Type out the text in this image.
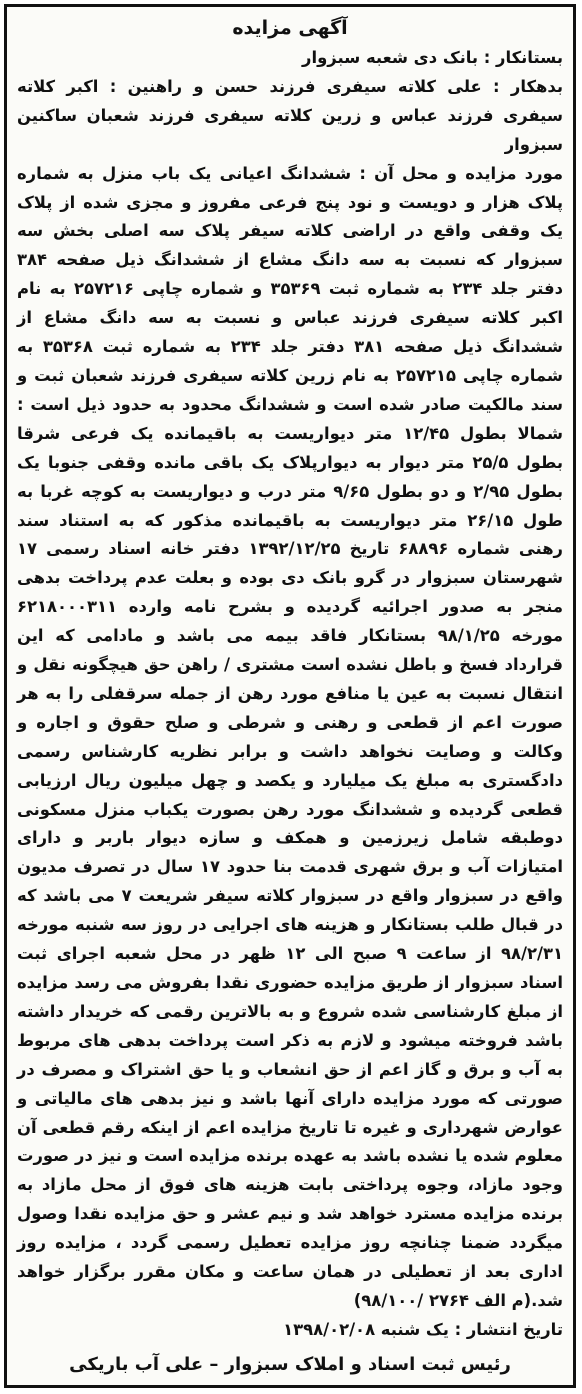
آگهی مزایده
بستانکار : بانک دی شعبه سبزوار
بدهکار : علی کلاته سیفری فرزند حسن و راهنین : اکبر کلاته سیفری فرزند عباس و زرین کلاته سیفری فرزند شعبان ساکنین سبزوار
مورد مزایده و محل آن : ششدانگ اعیانی یک باب منزل به شماره پلاک هزار و دویست و نود پنج فرعی مفروز و مجزی شده از پلاک یک وقفی واقع در اراضی کلاته سیفر پلاک سه اصلی بخش سه سبزوار که نسبت به سه دانگ مشاع از ششدانگ ذیل صفحه ۳۸۴ دفتر جلد ۲۳۴ به شماره ثبت ۳۵۳۶۹ و شماره چاپی ۲۵۷۲۱۶ به نام اکبر کلاته سیفری فرزند عباس و نسبت به سه دانگ مشاع از ششدانگ ذیل صفحه ۳۸۱ دفتر جلد ۲۳۴ به شماره ثبت ۳۵۳۶۸ به شماره چاپی ۲۵۷۲۱۵ به نام زرین کلاته سیفری فرزند شعبان ثبت و سند مالکیت صادر شده است و ششدانگ محدود به حدود ذیل است : شمالا بطول ۱۲/۴۵ متر دیواریست به باقیمانده یک فرعی شرقا بطول ۲۵/۵ متر دیوار به دیوارپلاک یک باقی مانده وقفی جنوبا یک بطول ۲/۹۵ و دو بطول ۹/۶۵ متر درب و دیواریست به کوچه غربا به طول ۲۶/۱۵ متر دیواریست به باقیمانده مذکور که به استناد سند رهنی شماره ۶۸۸۹۶ تاریخ ۱۳۹۲/۱۲/۲۵ دفتر خانه اسناد رسمی ۱۷ شهرستان سبزوار در گرو بانک دی بوده و بعلت عدم پرداخت بدهی منجر به صدور اجرائیه گردیده و بشرح نامه وارده ۶۲۱۸۰۰۰۳۱۱ مورخه ۹۸/۱/۲۵ بستانکار فاقد بیمه می باشد و مادامی که این قرارداد فسخ و باطل نشده است مشتری / راهن حق هیچگونه نقل و انتقال نسبت به عین یا منافع مورد رهن از جمله سرقفلی را به هر صورت اعم از قطعی و رهنی و شرطی و صلح حقوق و اجاره و وکالت و وصایت نخواهد داشت و برابر نظریه کارشناس رسمی دادگستری به مبلغ یک میلیارد و یکصد و چهل میلیون ریال ارزیابی قطعی گردیده و ششدانگ مورد رهن بصورت یکباب منزل مسکونی دوطبقه شامل زیرزمین و همکف و سازه دیوار باربر و دارای امتیازات آب و برق شهری قدمت بنا حدود ۱۷ سال در تصرف مدیون واقع در سبزوار واقع در سبزوار کلاته سیفر شریعت ۷ می باشد که در قبال طلب بستانکار و هزینه های اجرایی در روز سه شنبه مورخه ۹۸/۲/۳۱ از ساعت ۹ صبح الی ۱۲ ظهر در محل شعبه اجرای ثبت اسناد سبزوار از طریق مزایده حضوری نقدا بفروش می رسد مزایده از مبلغ کارشناسی شده شروع و به بالاترین رقمی که خریدار داشته باشد فروخته میشود و لازم به ذکر است پرداخت بدهی های مربوط به آب و برق و گاز اعم از حق انشعاب و یا حق اشتراک و مصرف در صورتی که مورد مزایده دارای آنها باشد و نیز بدهی های مالیاتی و عوارض شهرداری و غیره تا تاریخ مزایده اعم از اینکه رقم قطعی آن معلوم شده یا نشده باشد به عهده برنده مزایده است و نیز در صورت وجود مازاد، وجوه پرداختی بابت هزینه های فوق از محل مازاد به برنده مزایده مسترد خواهد شد و نیم عشر و حق مزایده نقدا وصول میگردد ضمنا چنانچه روز مزایده تعطیل رسمی گردد ، مزایده روز اداری بعد از تعطیلی در همان ساعت و مکان مقرر برگزار خواهد شد.(م الف ۲۷۶۴ /۹۸/۱۰۰)
تاریخ انتشار : یک شنبه ۱۳۹۸/۰۲/۰۸
رئیس ثبت اسناد و املاک سبزوار – علی آب باریکی
